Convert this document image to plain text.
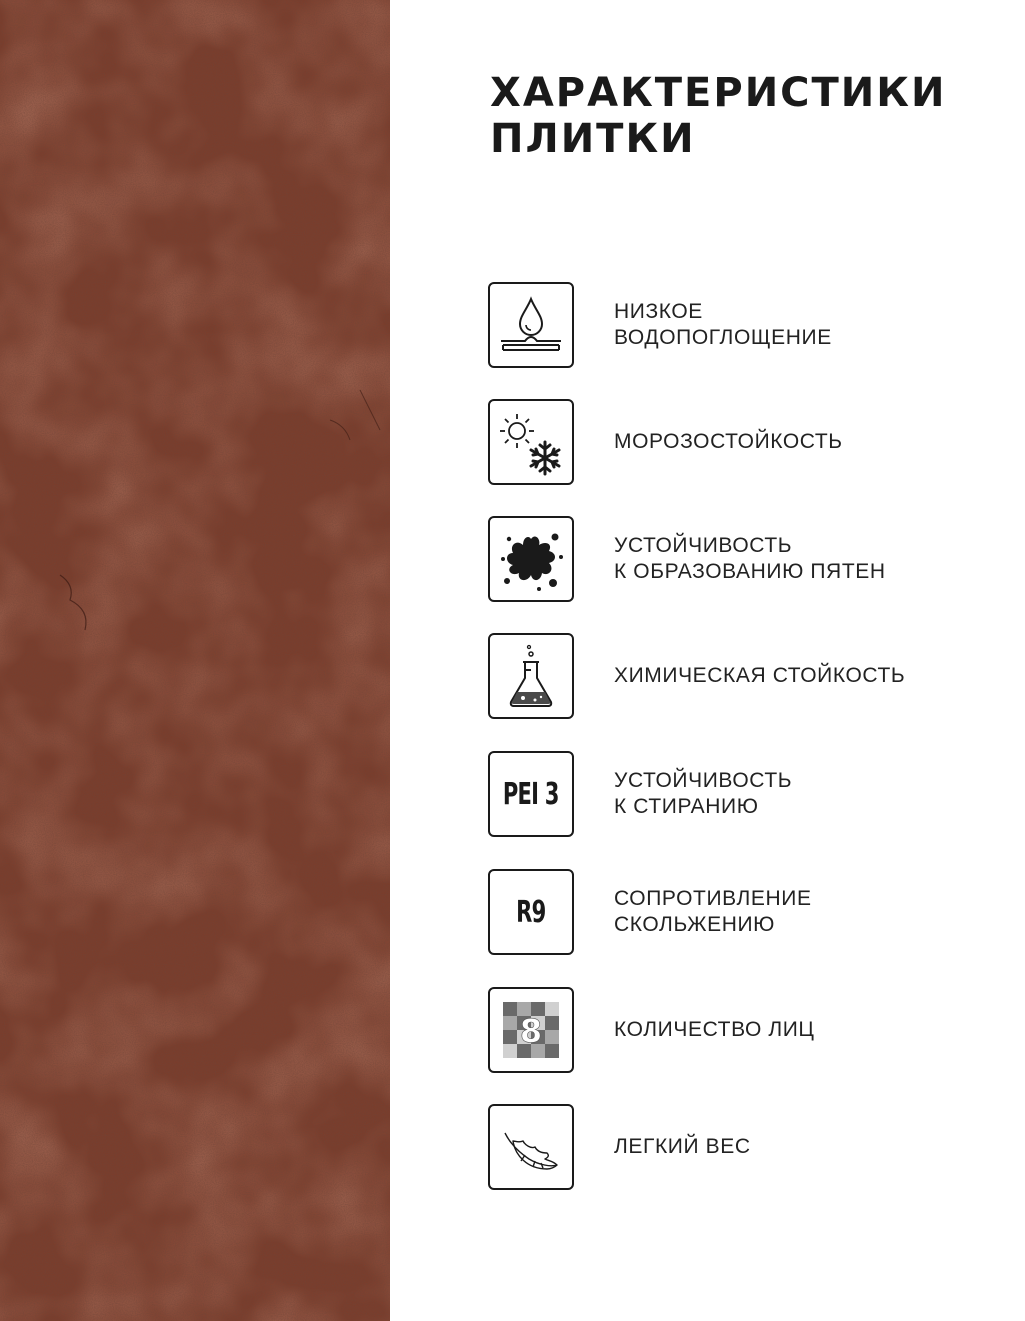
ХАРАКТЕРИСТИКИ
ПЛИТКИ
НИЗКОЕ
ВОДОПОГЛОЩЕНИЕ
МОРОЗОСТОЙКОСТЬ
УСТОЙЧИВОСТЬ
К ОБРАЗОВАНИЮ ПЯТЕН
ХИМИЧЕСКАЯ СТОЙКОСТЬ
PEI 3	УСТОЙЧИВОСТЬ
К СТИРАНИЮ
R9	СОПРОТИВЛЕНИЕ
СКОЛЬЖЕНИЮ
8	КОЛИЧЕСТВО ЛИЦ
ЛЕГКИЙ ВЕС
